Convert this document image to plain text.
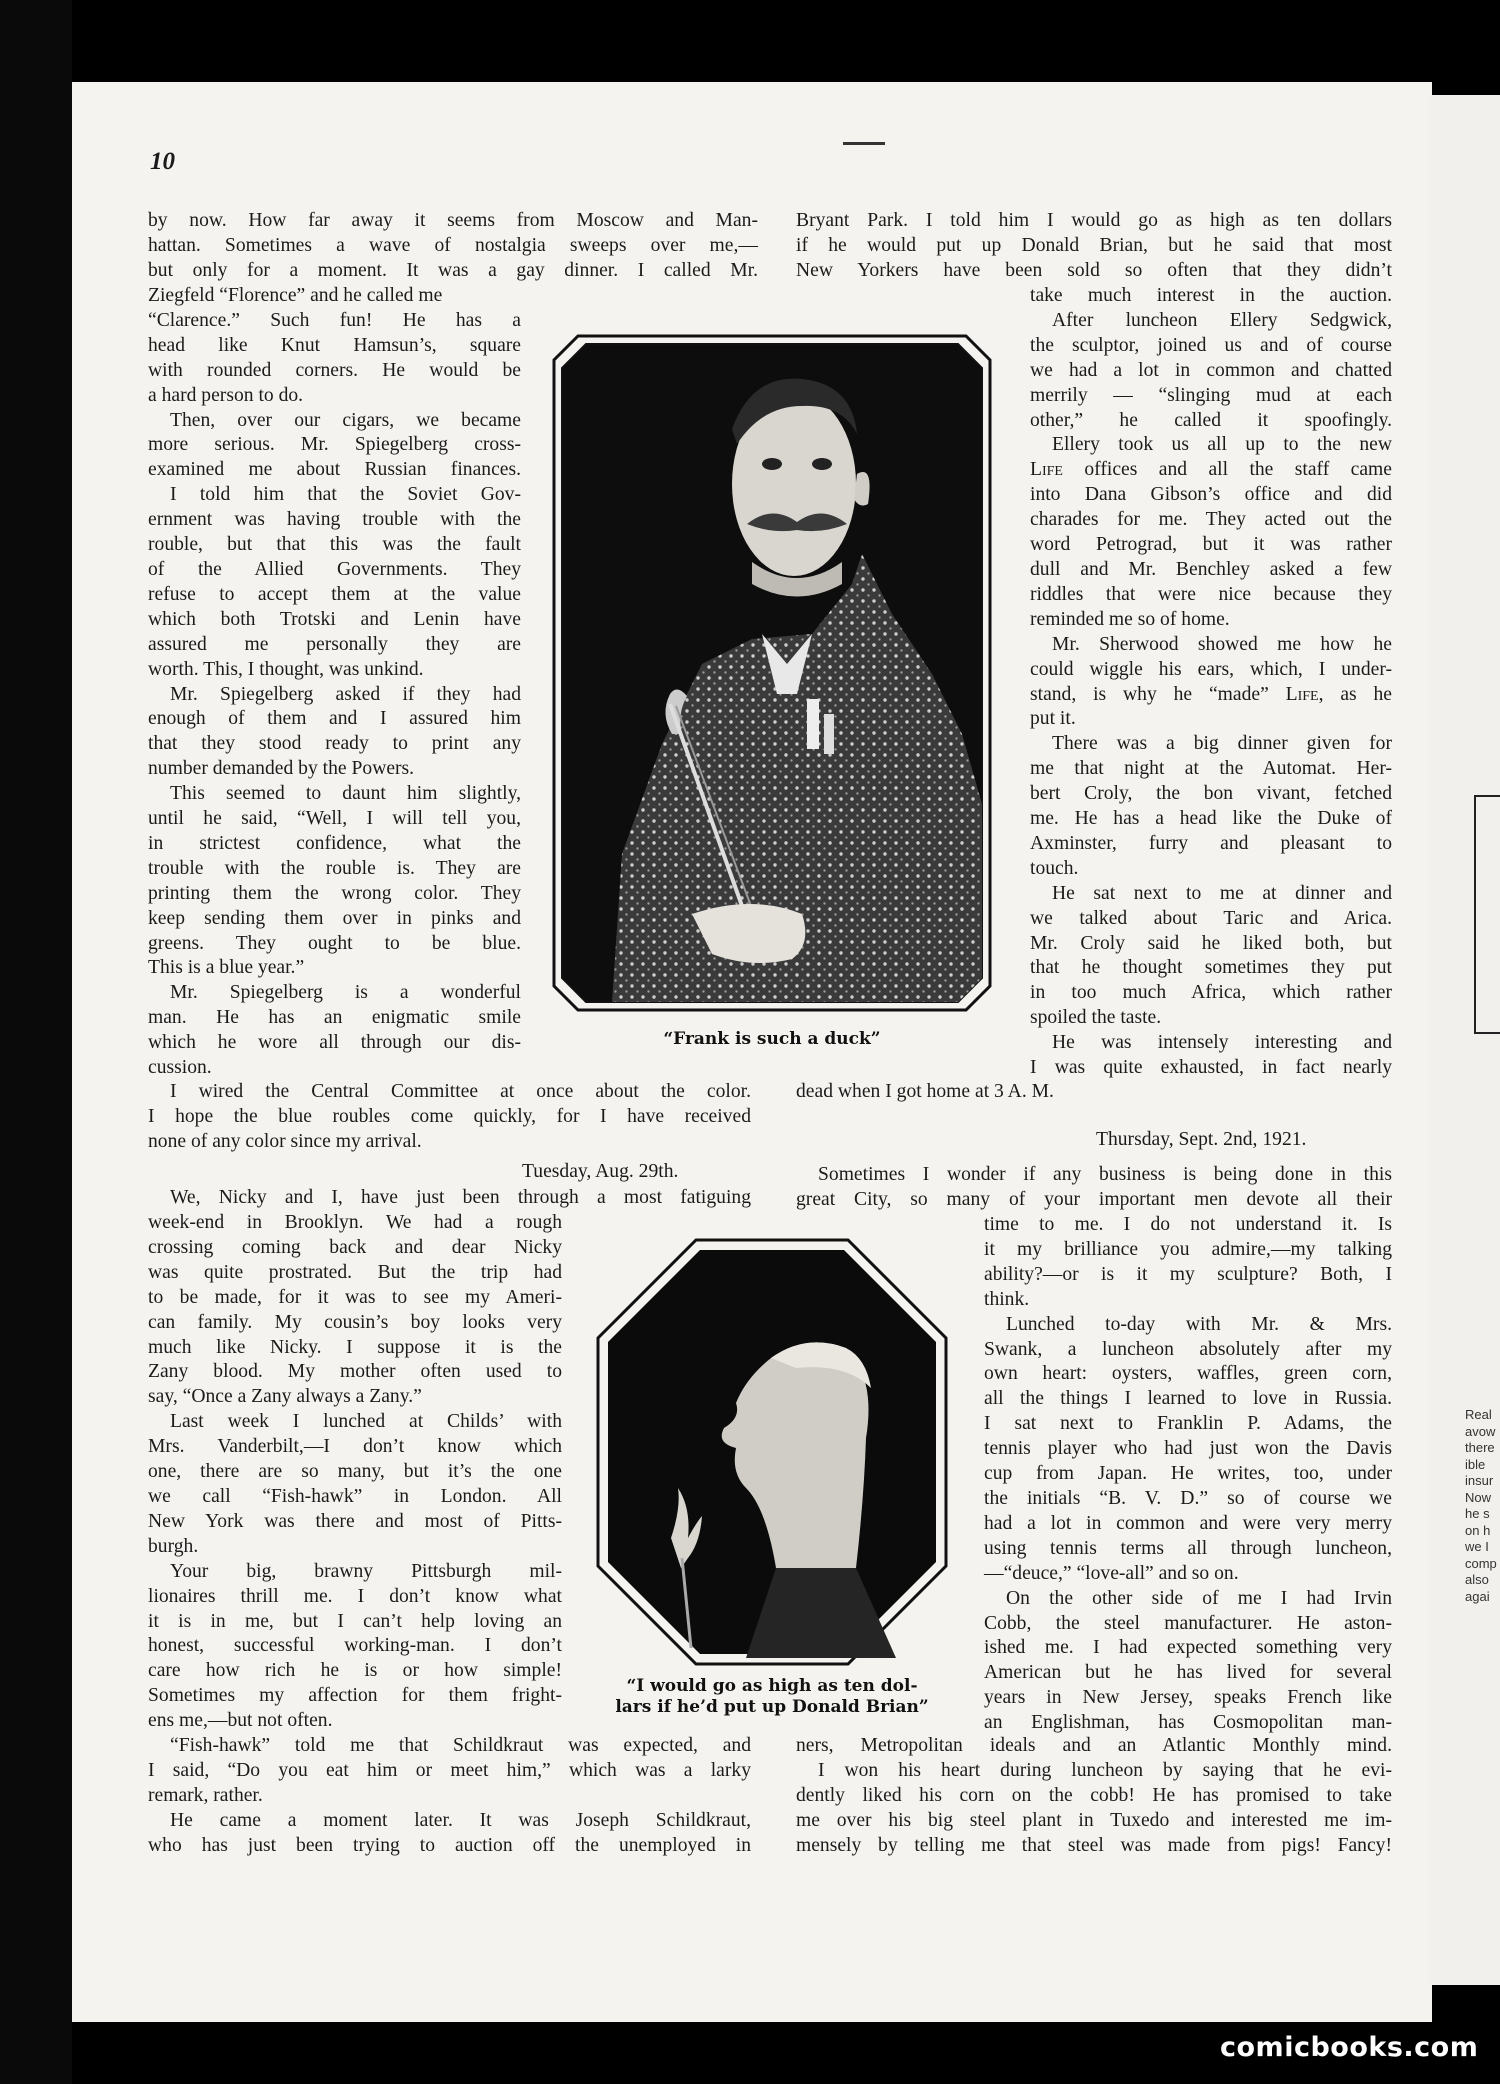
Real
avow
there
ible
insur
Now
he s
on h
we I
comp
also
agai
10
by now. How far away it seems from Moscow and Man-
hattan. Sometimes a wave of nostalgia sweeps over me,—
but only for a moment. It was a gay dinner. I called Mr.
Ziegfeld “Florence” and he called me
“Clarence.” Such fun! He has a
head like Knut Hamsun’s, square
with rounded corners. He would be
a hard person to do.
Then, over our cigars, we became
more serious. Mr. Spiegelberg cross-
examined me about Russian finances.
I told him that the Soviet Gov-
ernment was having trouble with the
rouble, but that this was the fault
of the Allied Governments. They
refuse to accept them at the value
which both Trotski and Lenin have
assured me personally they are
worth. This, I thought, was unkind.
Mr. Spiegelberg asked if they had
enough of them and I assured him
that they stood ready to print any
number demanded by the Powers.
This seemed to daunt him slightly,
until he said, “Well, I will tell you,
in strictest confidence, what the
trouble with the rouble is. They are
printing them the wrong color. They
keep sending them over in pinks and
greens. They ought to be blue.
This is a blue year.”
Mr. Spiegelberg is a wonderful
man. He has an enigmatic smile
which he wore all through our dis-
cussion.
I wired the Central Committee at once about the color.
I hope the blue roubles come quickly, for I have received
none of any color since my arrival.
Tuesday, Aug. 29th.
We, Nicky and I, have just been through a most fatiguing
week-end in Brooklyn. We had a rough
crossing coming back and dear Nicky
was quite prostrated. But the trip had
to be made, for it was to see my Ameri-
can family. My cousin’s boy looks very
much like Nicky. I suppose it is the
Zany blood. My mother often used to
say, “Once a Zany always a Zany.”
Last week I lunched at Childs’ with
Mrs. Vanderbilt,—I don’t know which
one, there are so many, but it’s the one
we call “Fish-hawk” in London. All
New York was there and most of Pitts-
burgh.
Your big, brawny Pittsburgh mil-
lionaires thrill me. I don’t know what
it is in me, but I can’t help loving an
honest, successful working-man. I don’t
care how rich he is or how simple!
Sometimes my affection for them fright-
ens me,—but not often.
“Fish-hawk” told me that Schildkraut was expected, and
I said, “Do you eat him or meet him,” which was a larky
remark, rather.
He came a moment later. It was Joseph Schildkraut,
who has just been trying to auction off the unemployed in
Bryant Park. I told him I would go as high as ten dollars
if he would put up Donald Brian, but he said that most
New Yorkers have been sold so often that they didn’t
take much interest in the auction.
After luncheon Ellery Sedgwick,
the sculptor, joined us and of course
we had a lot in common and chatted
merrily — “slinging mud at each
other,” he called it spoofingly.
Ellery took us all up to the new
Life offices and all the staff came
into Dana Gibson’s office and did
charades for me. They acted out the
word Petrograd, but it was rather
dull and Mr. Benchley asked a few
riddles that were nice because they
reminded me so of home.
Mr. Sherwood showed me how he
could wiggle his ears, which, I under-
stand, is why he “made” Life, as he
put it.
There was a big dinner given for
me that night at the Automat. Her-
bert Croly, the bon vivant, fetched
me. He has a head like the Duke of
Axminster, furry and pleasant to
touch.
He sat next to me at dinner and
we talked about Taric and Arica.
Mr. Croly said he liked both, but
that he thought sometimes they put
in too much Africa, which rather
spoiled the taste.
He was intensely interesting and
I was quite exhausted, in fact nearly
dead when I got home at 3 A. M.
Thursday, Sept. 2nd, 1921.
Sometimes I wonder if any business is being done in this
great City, so many of your important men devote all their
time to me. I do not understand it. Is
it my brilliance you admire,—my talking
ability?—or is it my sculpture? Both, I
think.
Lunched to-day with Mr. & Mrs.
Swank, a luncheon absolutely after my
own heart: oysters, waffles, green corn,
all the things I learned to love in Russia.
I sat next to Franklin P. Adams, the
tennis player who had just won the Davis
cup from Japan. He writes, too, under
the initials “B. V. D.” so of course we
had a lot in common and were very merry
using tennis terms all through luncheon,
—“deuce,” “love-all” and so on.
On the other side of me I had Irvin
Cobb, the steel manufacturer. He aston-
ished me. I had expected something very
American but he has lived for several
years in New Jersey, speaks French like
an Englishman, has Cosmopolitan man-
ners, Metropolitan ideals and an Atlantic Monthly mind.
I won his heart during luncheon by saying that he evi-
dently liked his corn on the cobb! He has promised to take
me over his big steel plant in Tuxedo and interested me im-
mensely by telling me that steel was made from pigs! Fancy!
“Frank is such a duck”
“I would go as high as ten dol-
lars if he’d put up Donald Brian”
comicbooks.com
